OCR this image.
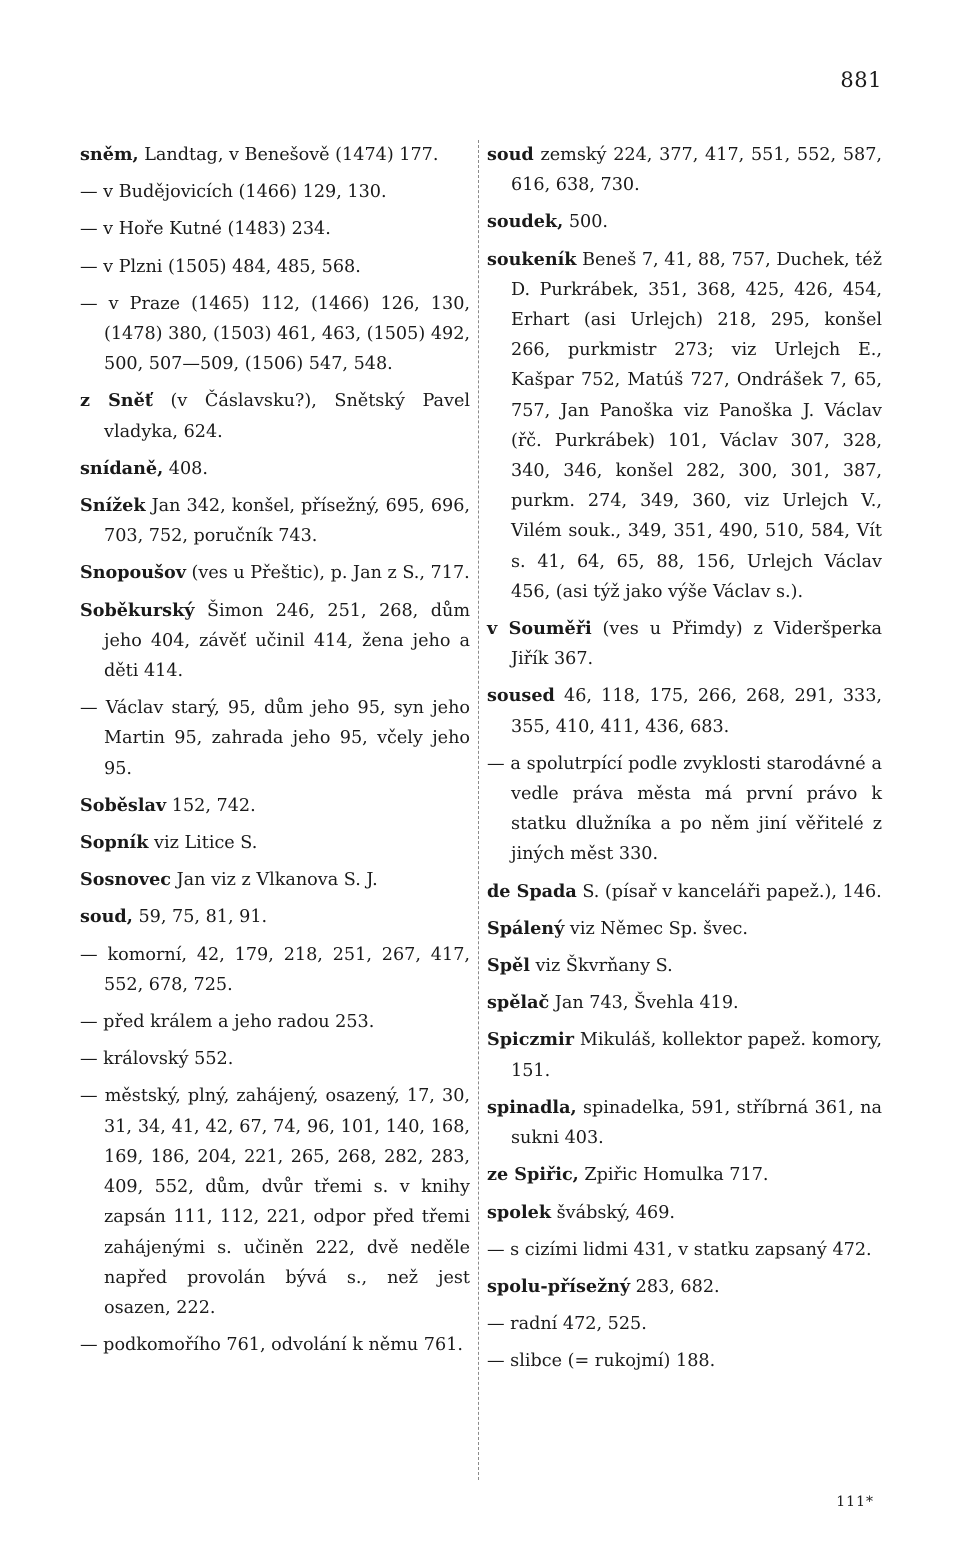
881
sněm, Landtag, v Benešově (1474) 177.
— v Budějovicích (1466) 129, 130.
— v Hoře Kutné (1483) 234.
— v Plzni (1505) 484, 485, 568.
— v Praze (1465) 112, (1466) 126, 130, (1478) 380, (1503) 461, 463, (1505) 492, 500, 507—509, (1506) 547, 548.
z Sněť (v Čáslavsku?), Snětský Pavel vladyka, 624.
snídaně, 408.
Snížek Jan 342, konšel, přísežný, 695, 696, 703, 752, poručník 743.
Snopoušov (ves u Přeštic), p. Jan z S., 717.
Soběkurský Šimon 246, 251, 268, dům jeho 404, závěť učinil 414, žena jeho a děti 414.
— Václav starý, 95, dům jeho 95, syn jeho Martin 95, zahrada jeho 95, včely jeho 95.
Soběslav 152, 742.
Sopník viz Litice S.
Sosnovec Jan viz z Vlkanova S. J.
soud, 59, 75, 81, 91.
— komorní, 42, 179, 218, 251, 267, 417, 552, 678, 725.
— před králem a jeho radou 253.
— královský 552.
— městský, plný, zahájený, osazený, 17, 30, 31, 34, 41, 42, 67, 74, 96, 101, 140, 168, 169, 186, 204, 221, 265, 268, 282, 283, 409, 552, dům, dvůr třemi s. v knihy zapsán 111, 112, 221, odpor před třemi zahájenými s. učiněn 222, dvě neděle napřed provolán bývá s., než jest osazen, 222.
— podkomořího 761, odvolání k němu 761.
soud zemský 224, 377, 417, 551, 552, 587, 616, 638, 730.
soudek, 500.
soukeník Beneš 7, 41, 88, 757, Duchek, též D. Purkrábek, 351, 368, 425, 426, 454, Erhart (asi Urlejch) 218, 295, konšel 266, purkmistr 273; viz Urlejch E., Kašpar 752, Matúš 727, Ondrášek 7, 65, 757, Jan Panoška viz Panoška J. Václav (řč. Purkrábek) 101, Václav 307, 328, 340, 346, konšel 282, 300, 301, 387, purkm. 274, 349, 360, viz Urlejch V., Vilém souk., 349, 351, 490, 510, 584, Vít s. 41, 64, 65, 88, 156, Urlejch Václav 456, (asi týž jako výše Václav s.).
v Souměři (ves u Přimdy) z Videršperka Jiřík 367.
soused 46, 118, 175, 266, 268, 291, 333, 355, 410, 411, 436, 683.
— a spolutrpící podle zvyklosti starodávné a vedle práva města má první právo k statku dlužníka a po něm jiní věřitelé z jiných měst 330.
de Spada S. (písař v kanceláři papež.), 146.
Spálený viz Němec Sp. švec.
Spěl viz Škvrňany S.
spělač Jan 743, Švehla 419.
Spiczmir Mikuláš, kollektor papež. komory, 151.
spinadla, spinadelka, 591, stříbrná 361, na sukni 403.
ze Spiřic, Zpiřic Homulka 717.
spolek švábský, 469.
— s cizími lidmi 431, v statku zapsaný 472.
spolu-přísežný 283, 682.
— radní 472, 525.
— slibce (= rukojmí) 188.
111*
